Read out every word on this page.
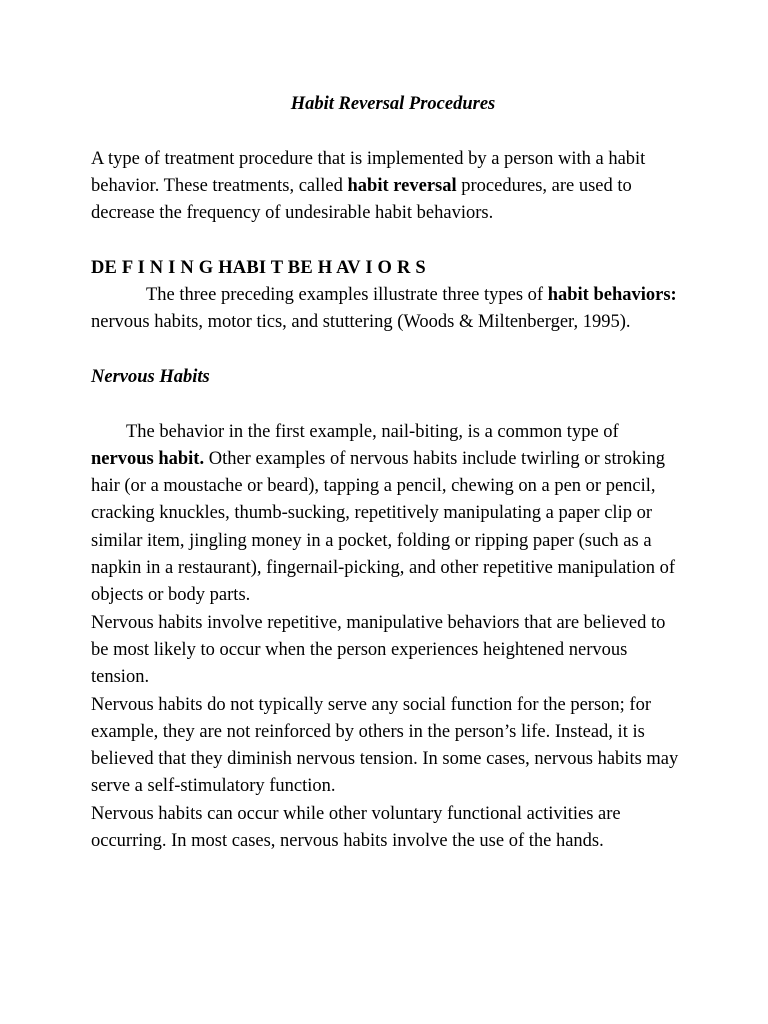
Habit Reversal Procedures

A type of treatment procedure that is implemented by a person with a habit behavior. These treatments, called habit reversal procedures, are used to decrease the frequency of undesirable habit behaviors.

DE F I N I N G HABI T BE H AV I O R S

The three preceding examples illustrate three types of habit behaviors: nervous habits, motor tics, and stuttering (Woods & Miltenberger, 1995).

Nervous Habits

The behavior in the first example, nail-biting, is a common type of nervous habit. Other examples of nervous habits include twirling or stroking hair (or a moustache or beard), tapping a pencil, chewing on a pen or pencil, cracking knuckles, thumb-sucking, repetitively manipulating a paper clip or similar item, jingling money in a pocket, folding or ripping paper (such as a napkin in a restaurant), fingernail-picking, and other repetitive manipulation of objects or body parts.

Nervous habits involve repetitive, manipulative behaviors that are believed to be most likely to occur when the person experiences heightened nervous tension.

Nervous habits do not typically serve any social function for the person; for example, they are not reinforced by others in the person’s life. Instead, it is believed that they diminish nervous tension. In some cases, nervous habits may serve a self-stimulatory function.

Nervous habits can occur while other voluntary functional activities are occurring. In most cases, nervous habits involve the use of the hands.
